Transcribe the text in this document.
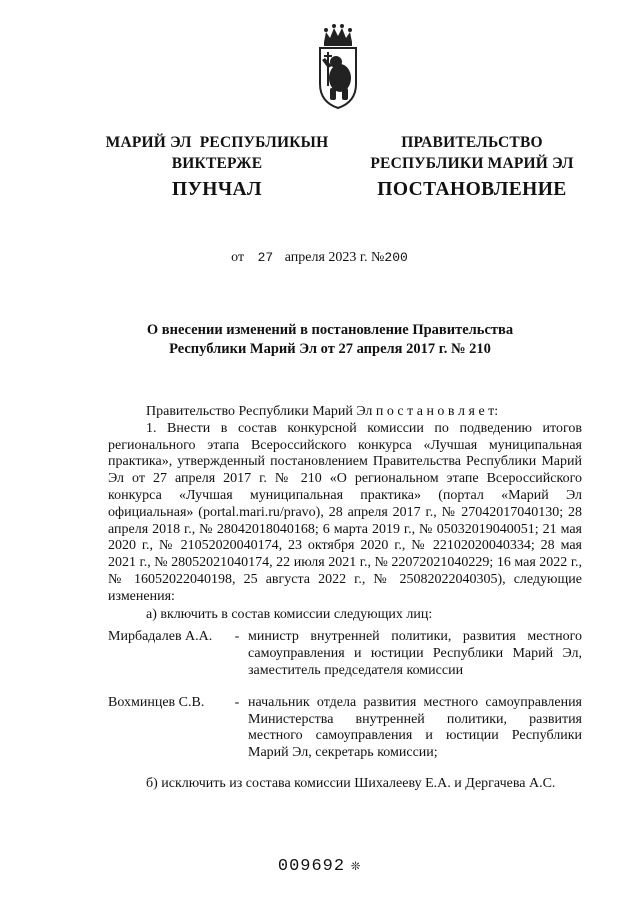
МАРИЙ ЭЛ  РЕСПУБЛИКЫН
ВИКТЕРЖЕ
ПРАВИТЕЛЬСТВО
РЕСПУБЛИКИ МАРИЙ ЭЛ
ПУНЧАЛ	ПОСТАНОВЛЕНИЕ
от 27 апреля 2023 г. №200
О внесении изменений в постановление Правительства
Республики Марий Эл от 27 апреля 2017 г. № 210

Правительство Республики Марий Эл п о с т а н о в л я е т:

1. Внести в состав конкурсной комиссии по подведению итогов регионального этапа Всероссийского конкурса «Лучшая муниципальная практика», утвержденный постановлением Правительства Республики Марий Эл от 27 апреля 2017 г. № 210 «О региональном этапе Всероссийского конкурса «Лучшая муниципальная практика» (портал «Марий Эл официальная» (portal.mari.ru/pravo), 28 апреля 2017 г., № 27042017040130; 28 апреля 2018 г., № 28042018040168; 6 марта 2019 г., № 05032019040051; 21 мая 2020 г., № 21052020040174, 23 октября 2020 г., № 22102020040334; 28 мая 2021 г., № 28052021040174, 22 июля 2021 г., № 22072021040229; 16 мая 2022 г., № 16052022040198, 25 августа 2022 г., № 25082022040305), следующие изменения:

а) включить в состав комиссии следующих лиц:

Мирбадалев А.А.	- министр внутренней политики, развития местного самоуправления и юстиции Республики Марий Эл, заместитель председателя комиссии
Вохминцев С.В.	- начальник отдела развития местного самоуправления Министерства внутренней политики, развития местного самоуправления и юстиции Республики Марий Эл, секретарь комиссии;

б) исключить из состава комиссии Шихалееву Е.А. и Дергачева А.С.

009692 ❊
